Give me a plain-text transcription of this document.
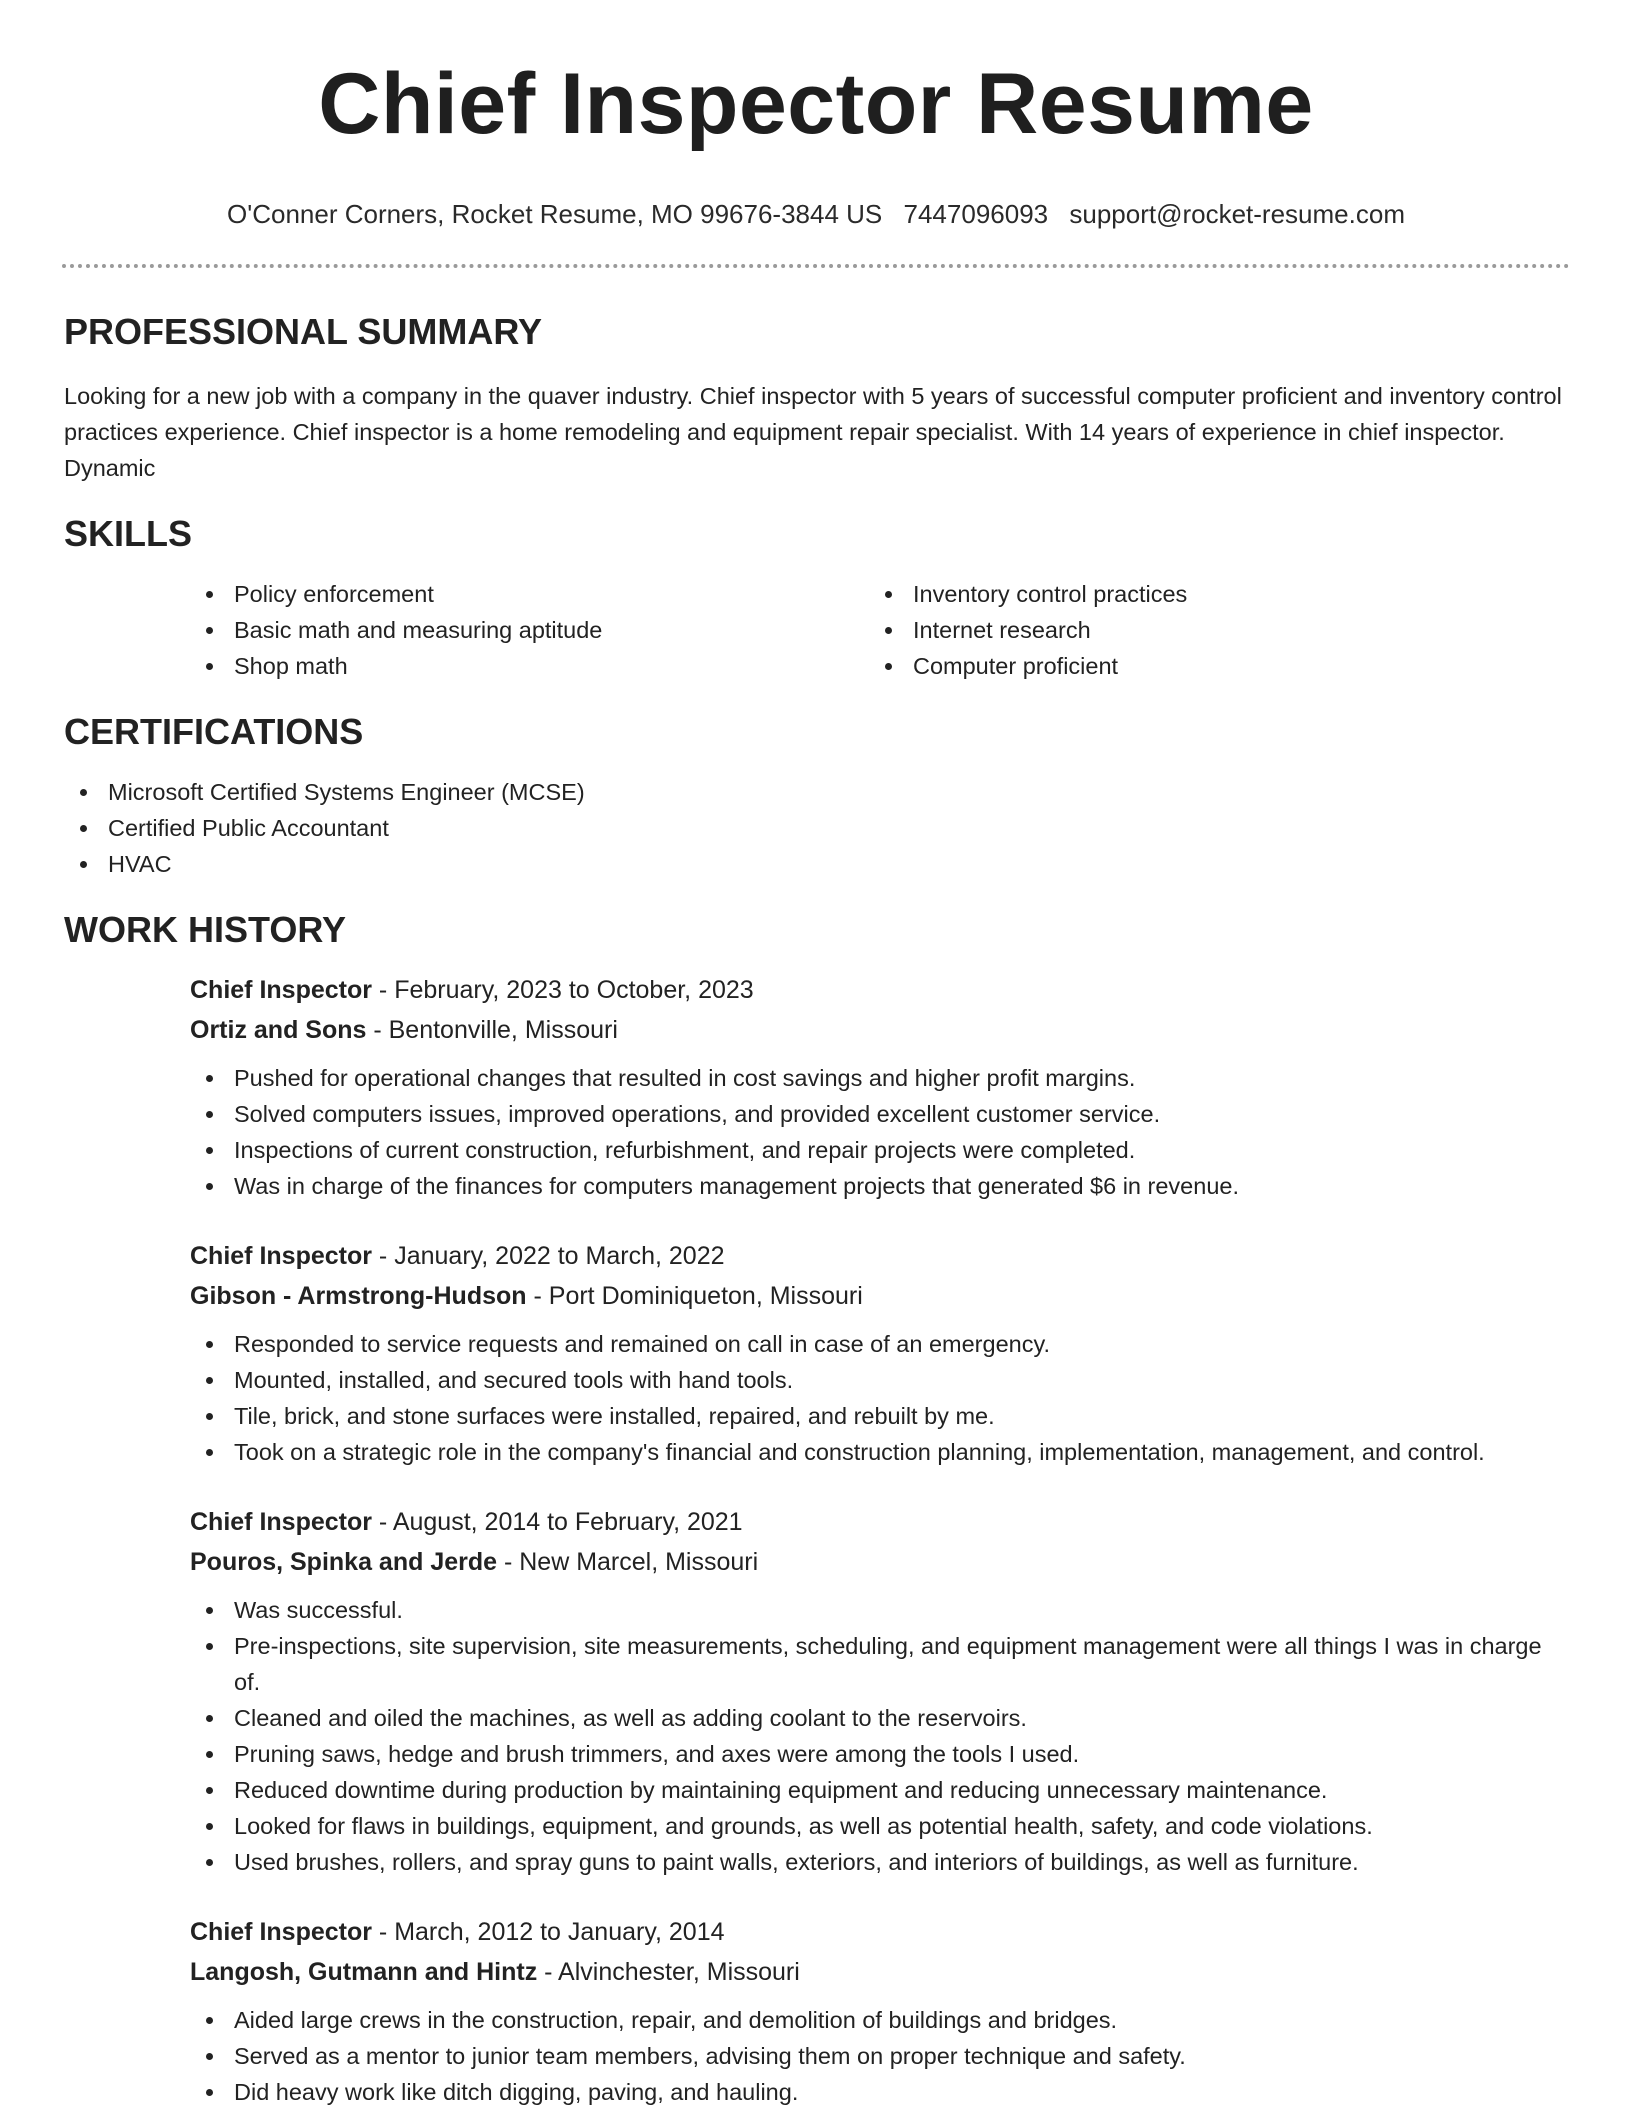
Chief Inspector Resume
O'Conner Corners, Rocket Resume, MO 99676-3844 US 7447096093 support@rocket-resume.com
PROFESSIONAL SUMMARY

Looking for a new job with a company in the quaver industry. Chief inspector with 5 years of successful computer proficient and inventory control practices experience. Chief inspector is a home remodeling and equipment repair specialist. With 14 years of experience in chief inspector. Dynamic

SKILLS
Policy enforcement
Basic math and measuring aptitude
Shop math
Inventory control practices
Internet research
Computer proficient
CERTIFICATIONS
Microsoft Certified Systems Engineer (MCSE)
Certified Public Accountant
HVAC
WORK HISTORY
Chief Inspector - February, 2023 to October, 2023
Ortiz and Sons - Bentonville, Missouri
Pushed for operational changes that resulted in cost savings and higher profit margins.
Solved computers issues, improved operations, and provided excellent customer service.
Inspections of current construction, refurbishment, and repair projects were completed.
Was in charge of the finances for computers management projects that generated $6 in revenue.
Chief Inspector - January, 2022 to March, 2022
Gibson - Armstrong-Hudson - Port Dominiqueton, Missouri
Responded to service requests and remained on call in case of an emergency.
Mounted, installed, and secured tools with hand tools.
Tile, brick, and stone surfaces were installed, repaired, and rebuilt by me.
Took on a strategic role in the company's financial and construction planning, implementation, management, and control.
Chief Inspector - August, 2014 to February, 2021
Pouros, Spinka and Jerde - New Marcel, Missouri
Was successful.
Pre-inspections, site supervision, site measurements, scheduling, and equipment management were all things I was in charge of.
Cleaned and oiled the machines, as well as adding coolant to the reservoirs.
Pruning saws, hedge and brush trimmers, and axes were among the tools I used.
Reduced downtime during production by maintaining equipment and reducing unnecessary maintenance.
Looked for flaws in buildings, equipment, and grounds, as well as potential health, safety, and code violations.
Used brushes, rollers, and spray guns to paint walls, exteriors, and interiors of buildings, as well as furniture.
Chief Inspector - March, 2012 to January, 2014
Langosh, Gutmann and Hintz - Alvinchester, Missouri
Aided large crews in the construction, repair, and demolition of buildings and bridges.
Served as a mentor to junior team members, advising them on proper technique and safety.
Did heavy work like ditch digging, paving, and hauling.
